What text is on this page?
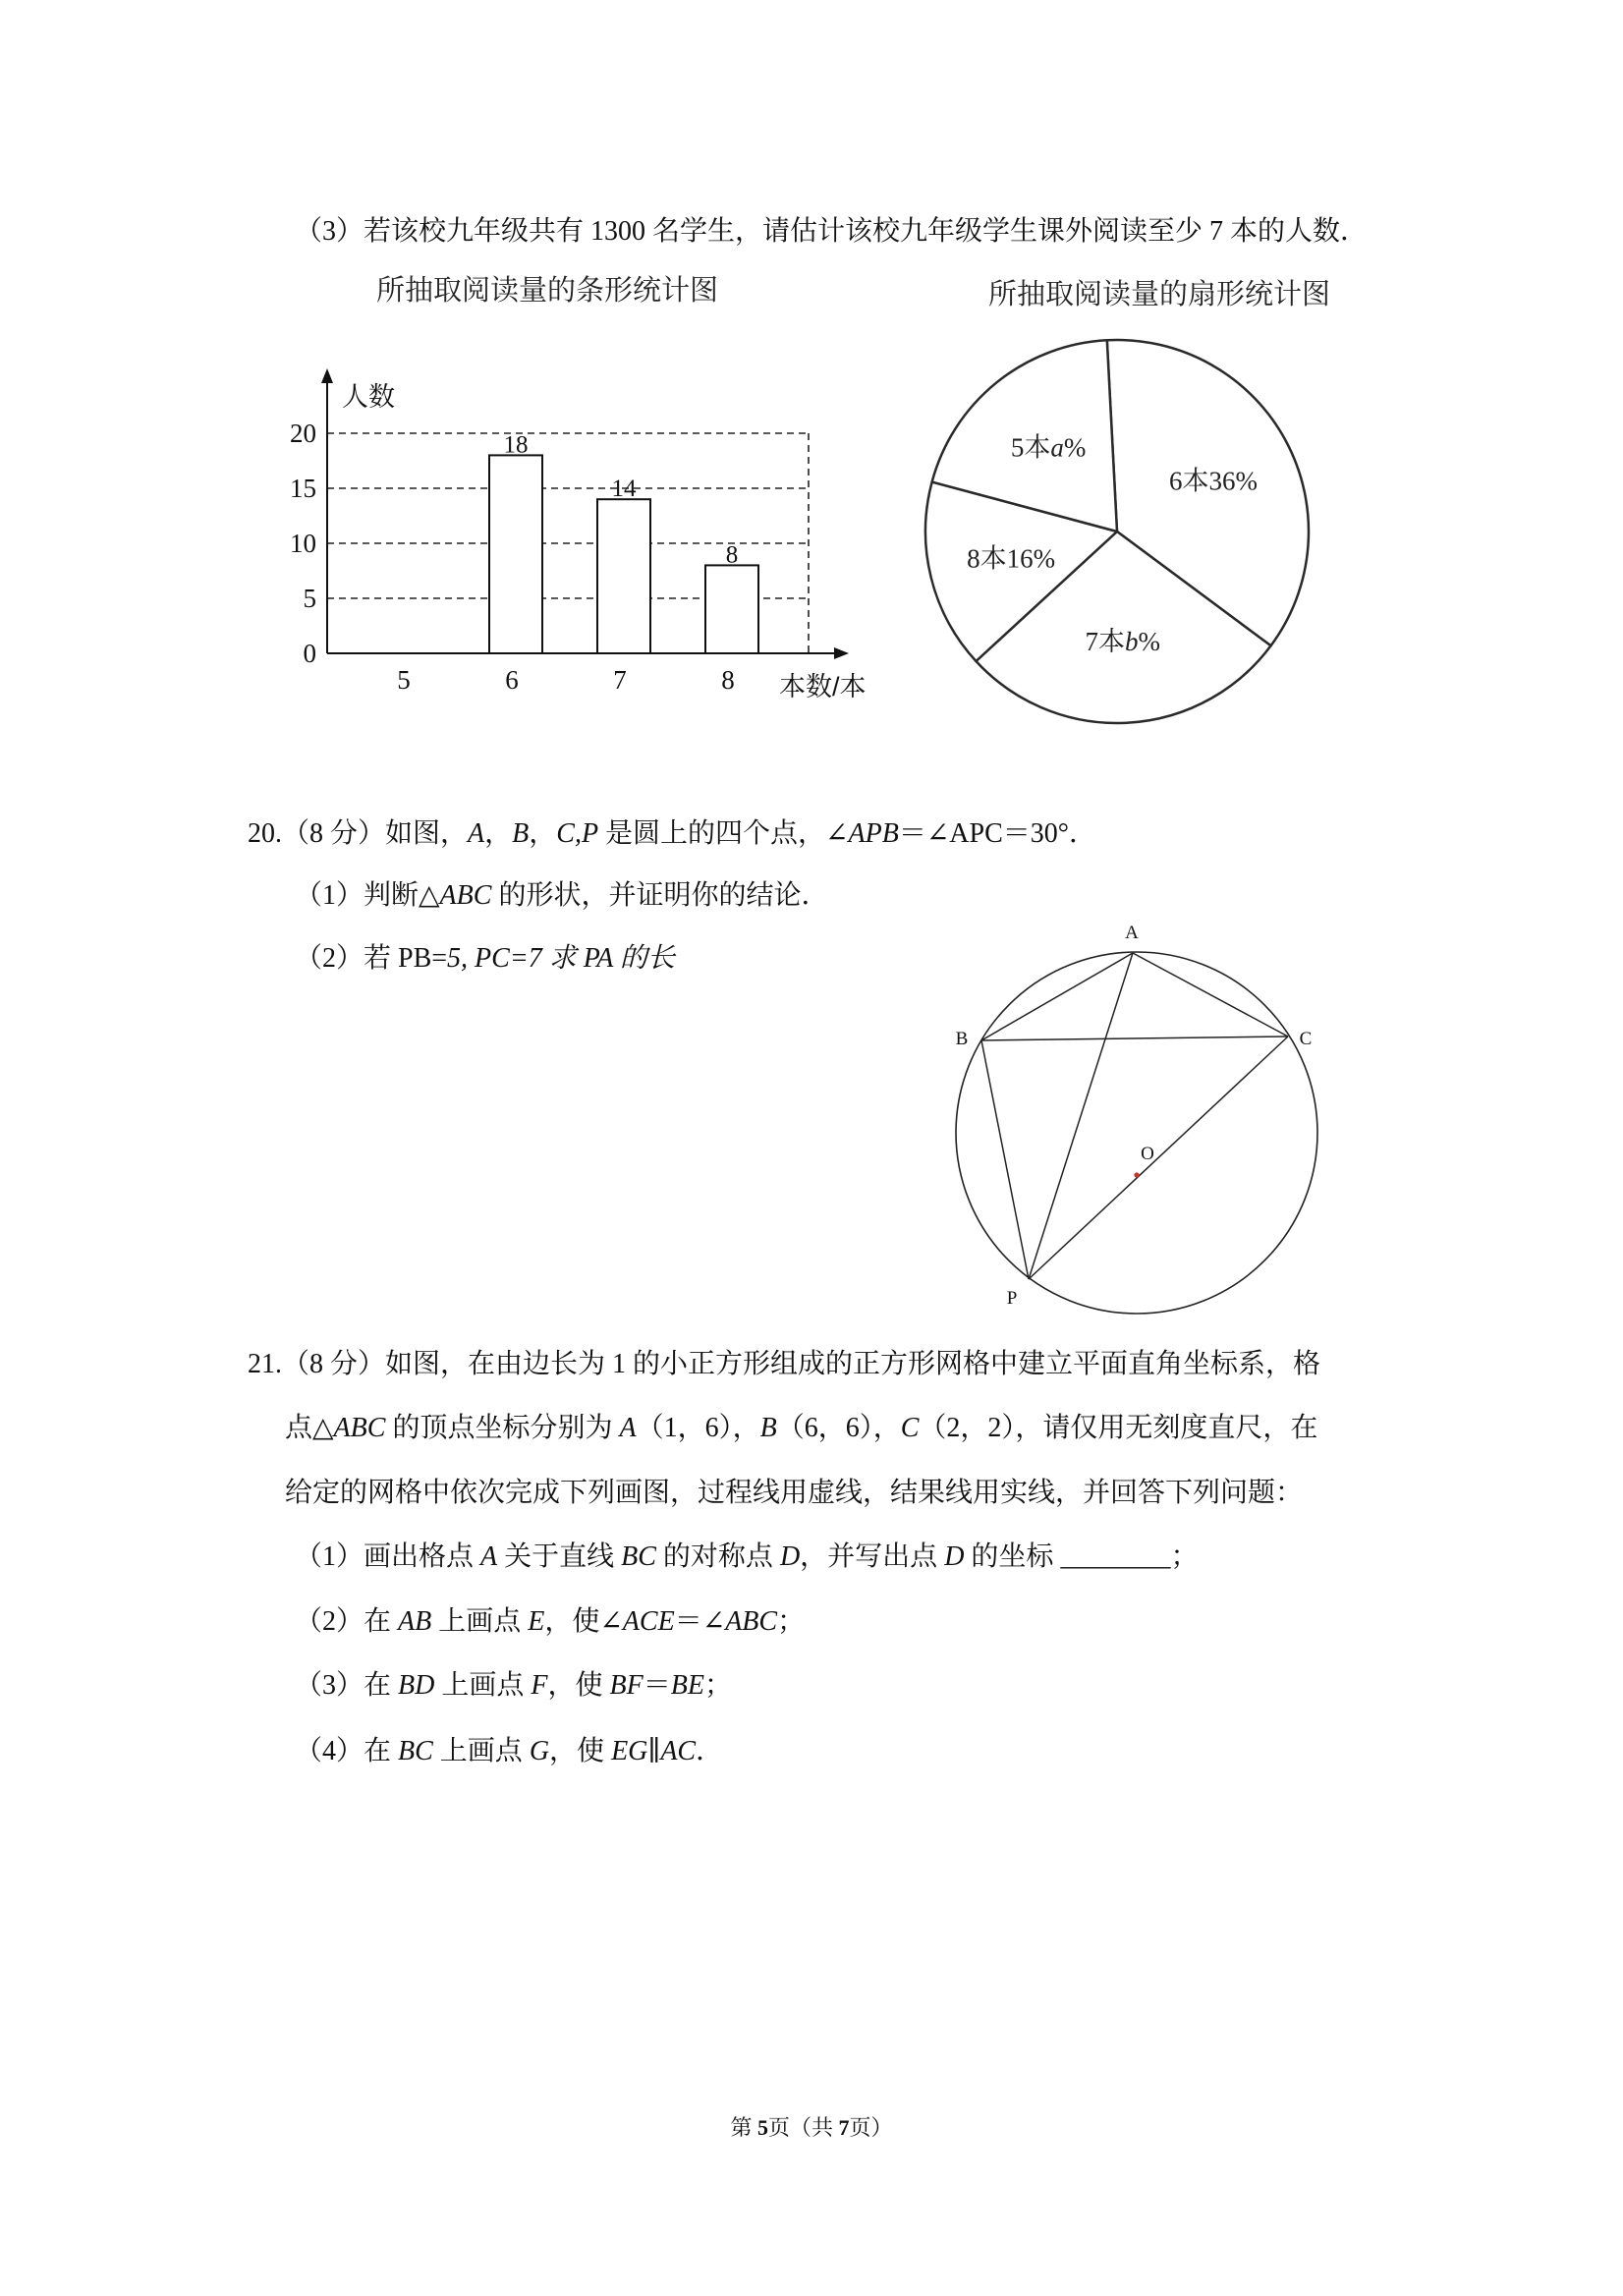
（3）若该校九年级共有 1300 名学生，请估计该校九年级学生课外阅读至少 7 本的人数．
所抽取阅读量的条形统计图	所抽取阅读量的扇形统计图
0
5
10
15
20
5
18
6
14
7
8
8
人数
本数/本
6本36%
7本b%
8本16%
5本a%
20.（8 分）如图，A，B，C,P 是圆上的四个点，∠APB＝∠APC＝30°．
（1）判断△ABC 的形状，并证明你的结论．
（2）若 PB=5, PC=7 求 PA 的长
A
B	C
P
O
21.（8 分）如图，在由边长为 1 的小正方形组成的正方形网格中建立平面直角坐标系，格
点△ABC 的顶点坐标分别为 A（1，6），B（6，6），C（2，2），请仅用无刻度直尺，在
给定的网格中依次完成下列画图，过程线用虚线，结果线用实线，并回答下列问题：
（1）画出格点 A 关于直线 BC 的对称点 D，并写出点 D 的坐标 ________；
（2）在 AB 上画点 E，使∠ACE＝∠ABC；
（3）在 BD 上画点 F，使 BF＝BE；
（4）在 BC 上画点 G，使 EG∥AC．
第 5页（共 7页）
